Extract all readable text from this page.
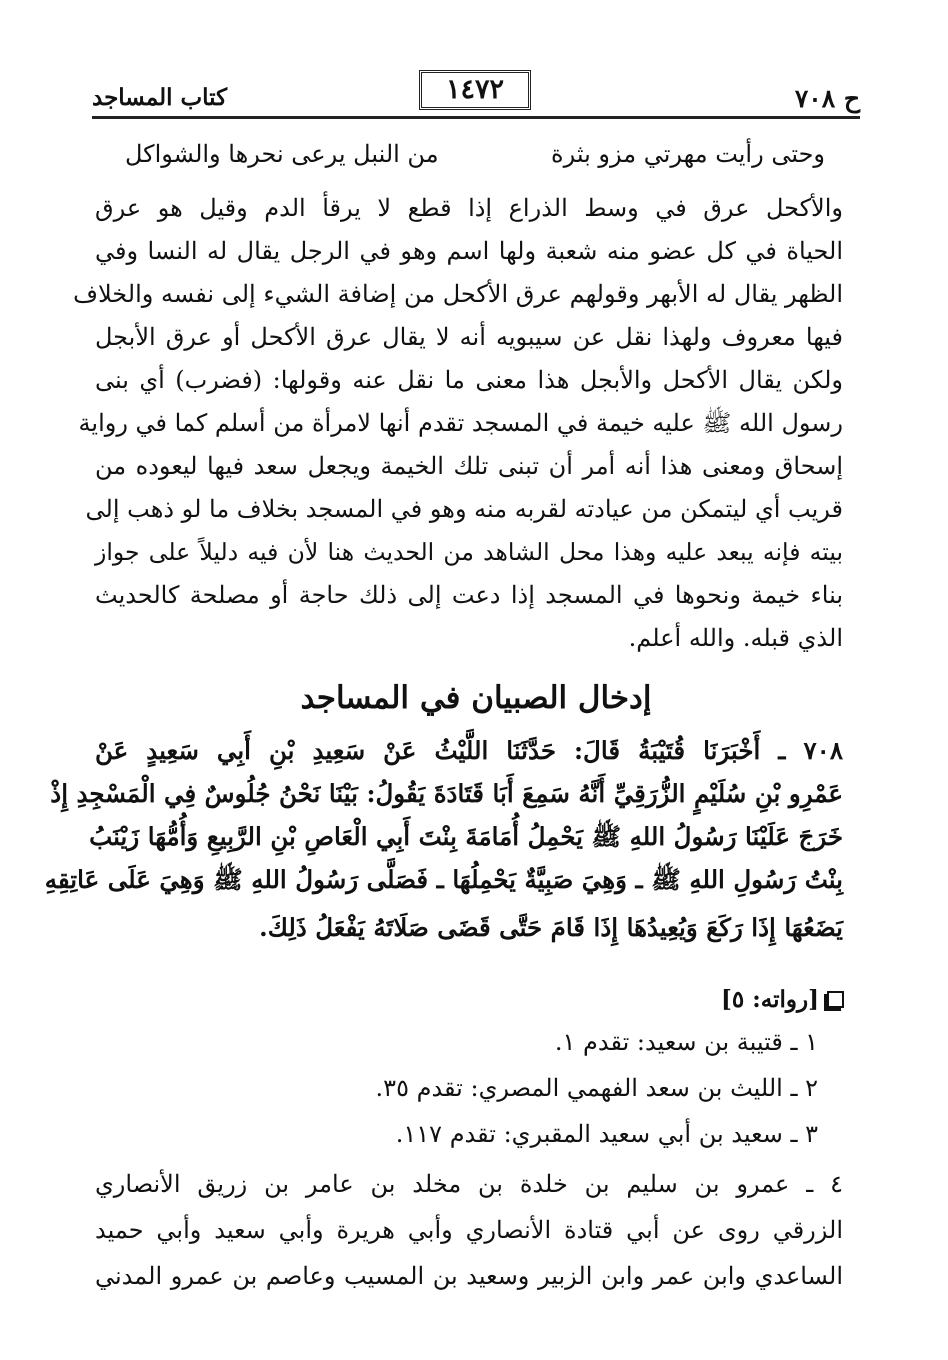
ح ٧٠٨
١٤٧٢
كتاب المساجد
وحتى رأيت مهرتي مزو بثرة
من النبل يرعى نحرها والشواكل
والأكحل عرق في وسط الذراع إذا قطع لا يرقأ الدم وقيل هو عرق
الحياة في كل عضو منه شعبة ولها اسم وهو في الرجل يقال له النسا وفي
الظهر يقال له الأبهر وقولهم عرق الأكحل من إضافة الشيء إلى نفسه والخلاف
فيها معروف ولهذا نقل عن سيبويه أنه لا يقال عرق الأكحل أو عرق الأبجل
ولكن يقال الأكحل والأبجل هذا معنى ما نقل عنه وقولها: (فضرب) أي بنى
رسول الله ﷺ عليه خيمة في المسجد تقدم أنها لامرأة من أسلم كما في رواية
إسحاق ومعنى هذا أنه أمر أن تبنى تلك الخيمة ويجعل سعد فيها ليعوده من
قريب أي ليتمكن من عيادته لقربه منه وهو في المسجد بخلاف ما لو ذهب إلى
بيته فإنه يبعد عليه وهذا محل الشاهد من الحديث هنا لأن فيه دليلاً على جواز
بناء خيمة ونحوها في المسجد إذا دعت إلى ذلك حاجة أو مصلحة كالحديث
الذي قبله. والله أعلم.
إدخال الصبيان في المساجد
٧٠٨ ـ أَخْبَرَنَا قُتَيْبَةُ قَالَ: حَدَّثَنَا اللَّيْثُ عَنْ سَعِيدِ بْنِ أَبِي سَعِيدٍ عَنْ
عَمْرِو بْنِ سُلَيْمٍ الزُّرَقِيِّ أَنَّهُ سَمِعَ أَبَا قَتَادَةَ يَقُولُ: بَيْنَا نَحْنُ جُلُوسٌ فِي الْمَسْجِدِ إِذْ
خَرَجَ عَلَيْنَا رَسُولُ اللهِ ﷺ يَحْمِلُ أُمَامَةَ بِنْتَ أَبِي الْعَاصِ بْنِ الرَّبِيعِ وَأُمُّهَا زَيْنَبُ
بِنْتُ رَسُولِ اللهِ ﷺ ـ وَهِيَ صَبِيَّةٌ يَحْمِلُهَا ـ فَصَلَّى رَسُولُ اللهِ ﷺ وَهِيَ عَلَى عَاتِقِهِ
يَضَعُهَا إِذَا رَكَعَ وَيُعِيدُهَا إِذَا قَامَ حَتَّى قَضَى صَلَاتَهُ يَفْعَلُ ذَلِكَ.
[رواته: ٥]
١ ـ قتيبة بن سعيد: تقدم ١.
٢ ـ الليث بن سعد الفهمي المصري: تقدم ٣٥.
٣ ـ سعيد بن أبي سعيد المقبري: تقدم ١١٧.
٤ ـ عمرو بن سليم بن خلدة بن مخلد بن عامر بن زريق الأنصاري
الزرقي روى عن أبي قتادة الأنصاري وأبي هريرة وأبي سعيد وأبي حميد
الساعدي وابن عمر وابن الزبير وسعيد بن المسيب وعاصم بن عمرو المدني
